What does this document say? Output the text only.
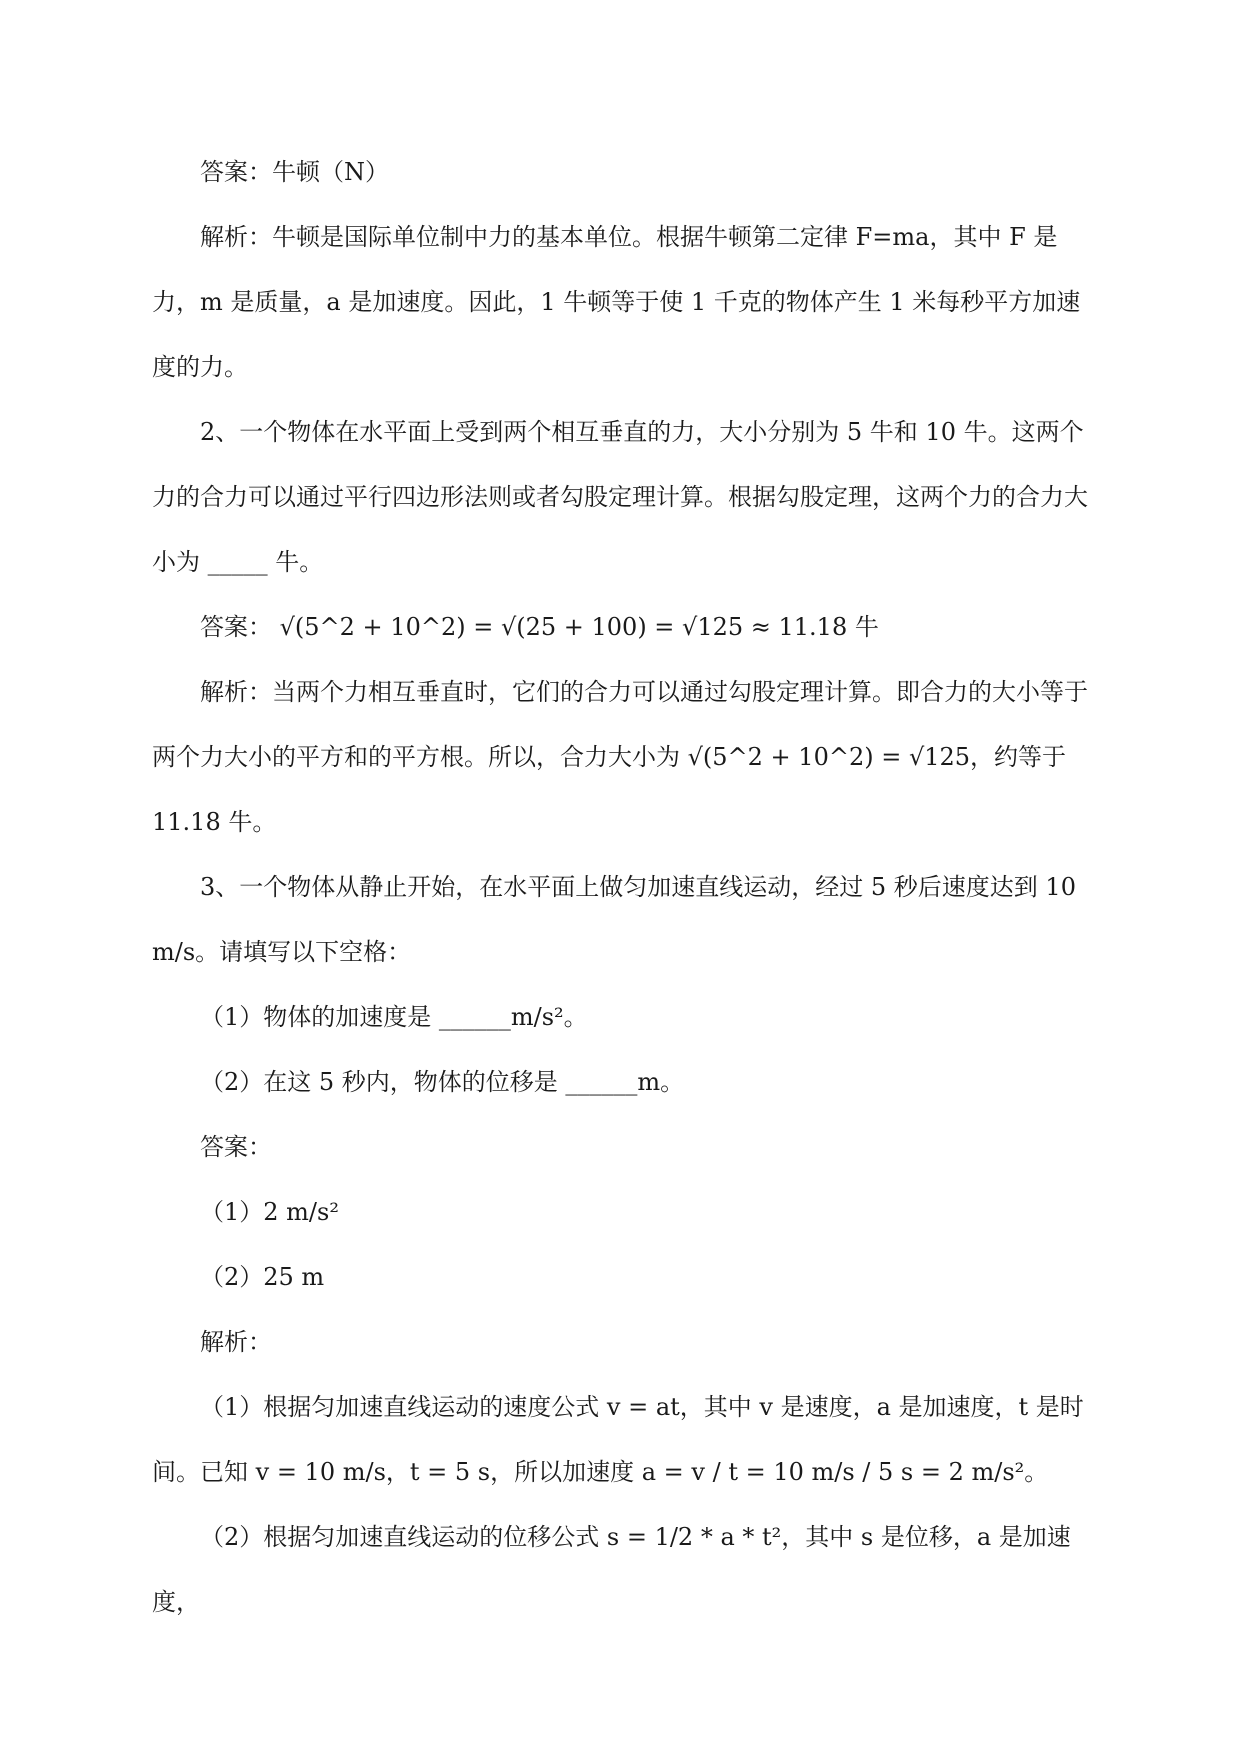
答案：牛顿（N）

解析：牛顿是国际单位制中力的基本单位。根据牛顿第二定律 F=ma，其中 F 是力，m 是质量，a 是加速度。因此，1 牛顿等于使 1 千克的物体产生 1 米每秒平方加速度的力。

2、一个物体在水平面上受到两个相互垂直的力，大小分别为 5 牛和 10 牛。这两个力的合力可以通过平行四边形法则或者勾股定理计算。根据勾股定理，这两个力的合力大小为 _____ 牛。

答案： √(5^2 + 10^2) = √(25 + 100) = √125 ≈ 11.18 牛

解析：当两个力相互垂直时，它们的合力可以通过勾股定理计算。即合力的大小等于两个力大小的平方和的平方根。所以，合力大小为 √(5^2 + 10^2) = √125，约等于 11.18 牛。

3、一个物体从静止开始，在水平面上做匀加速直线运动，经过 5 秒后速度达到 10 m/s。请填写以下空格：

（1）物体的加速度是 ______m/s²。

（2）在这 5 秒内，物体的位移是 ______m。

答案：

（1）2 m/s²

（2）25 m

解析：

（1）根据匀加速直线运动的速度公式 v = at，其中 v 是速度，a 是加速度，t 是时间。已知 v = 10 m/s，t = 5 s，所以加速度 a = v / t = 10 m/s / 5 s = 2 m/s²。

（2）根据匀加速直线运动的位移公式 s = 1/2 * a * t²，其中 s 是位移，a 是加速度，
